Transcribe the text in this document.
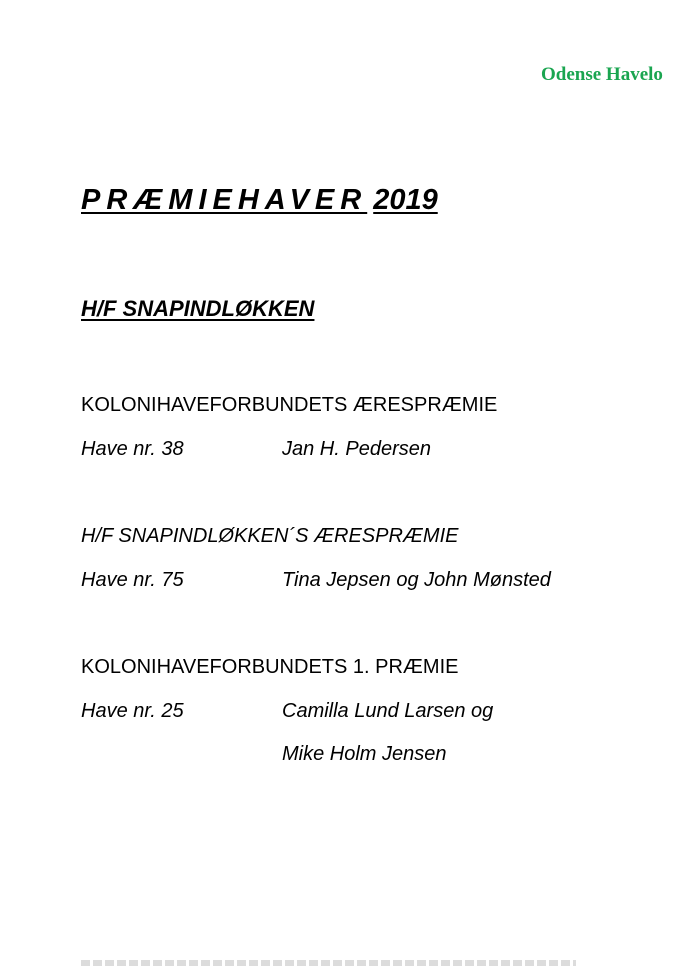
Odense Havelo
PRÆMIEHAVER 2019
H/F SNAPINDLØKKEN
KOLONIHAVEFORBUNDETS ÆRESPRÆMIE
Have nr. 38	Jan H. Pedersen
H/F SNAPINDLØKKEN´S ÆRESPRÆMIE
Have nr. 75	Tina Jepsen og John Mønsted
KOLONIHAVEFORBUNDETS 1. PRÆMIE
Have nr. 25	Camilla Lund Larsen og
Mike Holm Jensen
